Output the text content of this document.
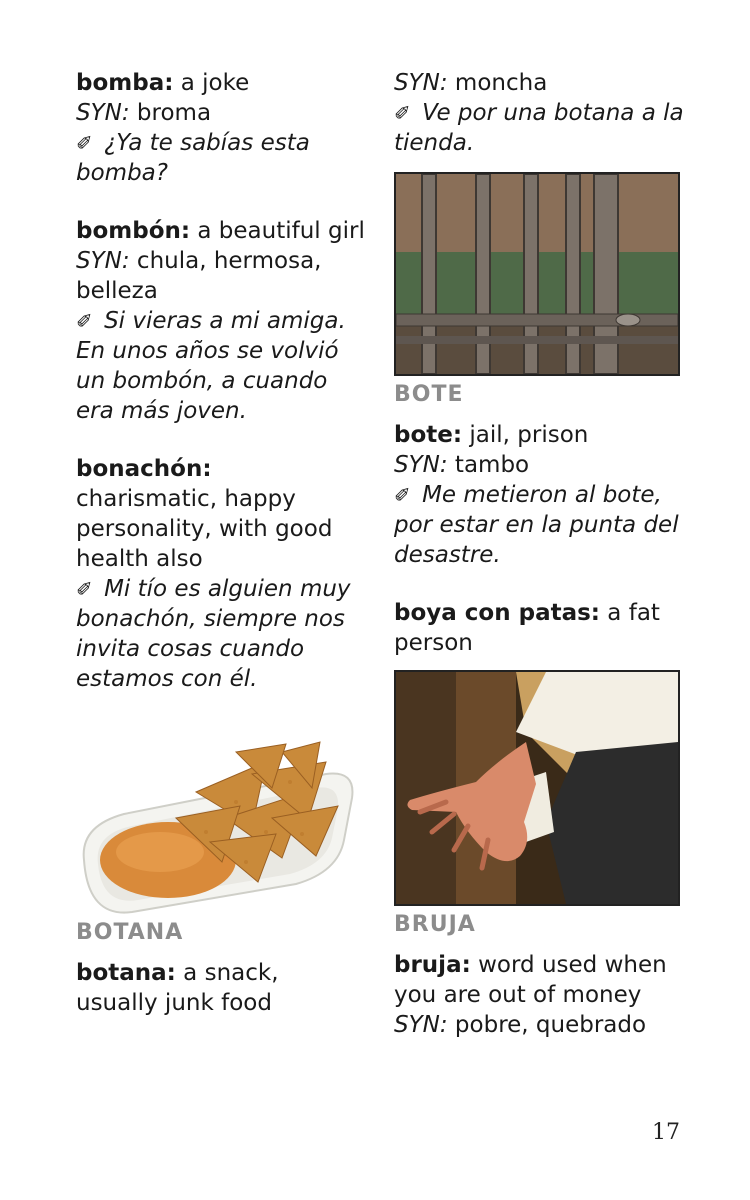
bomba: a joke

SYN: broma

✐ ¿Ya te sabías esta bomba?

bombón: a beautiful girl

SYN: chula, hermosa, belleza

✐ Si vieras a mi amiga. En unos años se volvió un bombón, a cuando era más joven.

bonachón:

charismatic, happy personality, with good health also

✐ Mi tío es alguien muy bonachón, siempre nos invita cosas cuando estamos con él.

BOTANA

botana: a snack, usually junk food

SYN: moncha

✐ Ve por una botana a la tienda.

BOTE

bote: jail, prison

SYN: tambo

✐ Me metieron al bote, por estar en la punta del desastre.

boya con patas: a fat person

BRUJA

bruja: word used when you are out of money

SYN: pobre, quebrado

17
